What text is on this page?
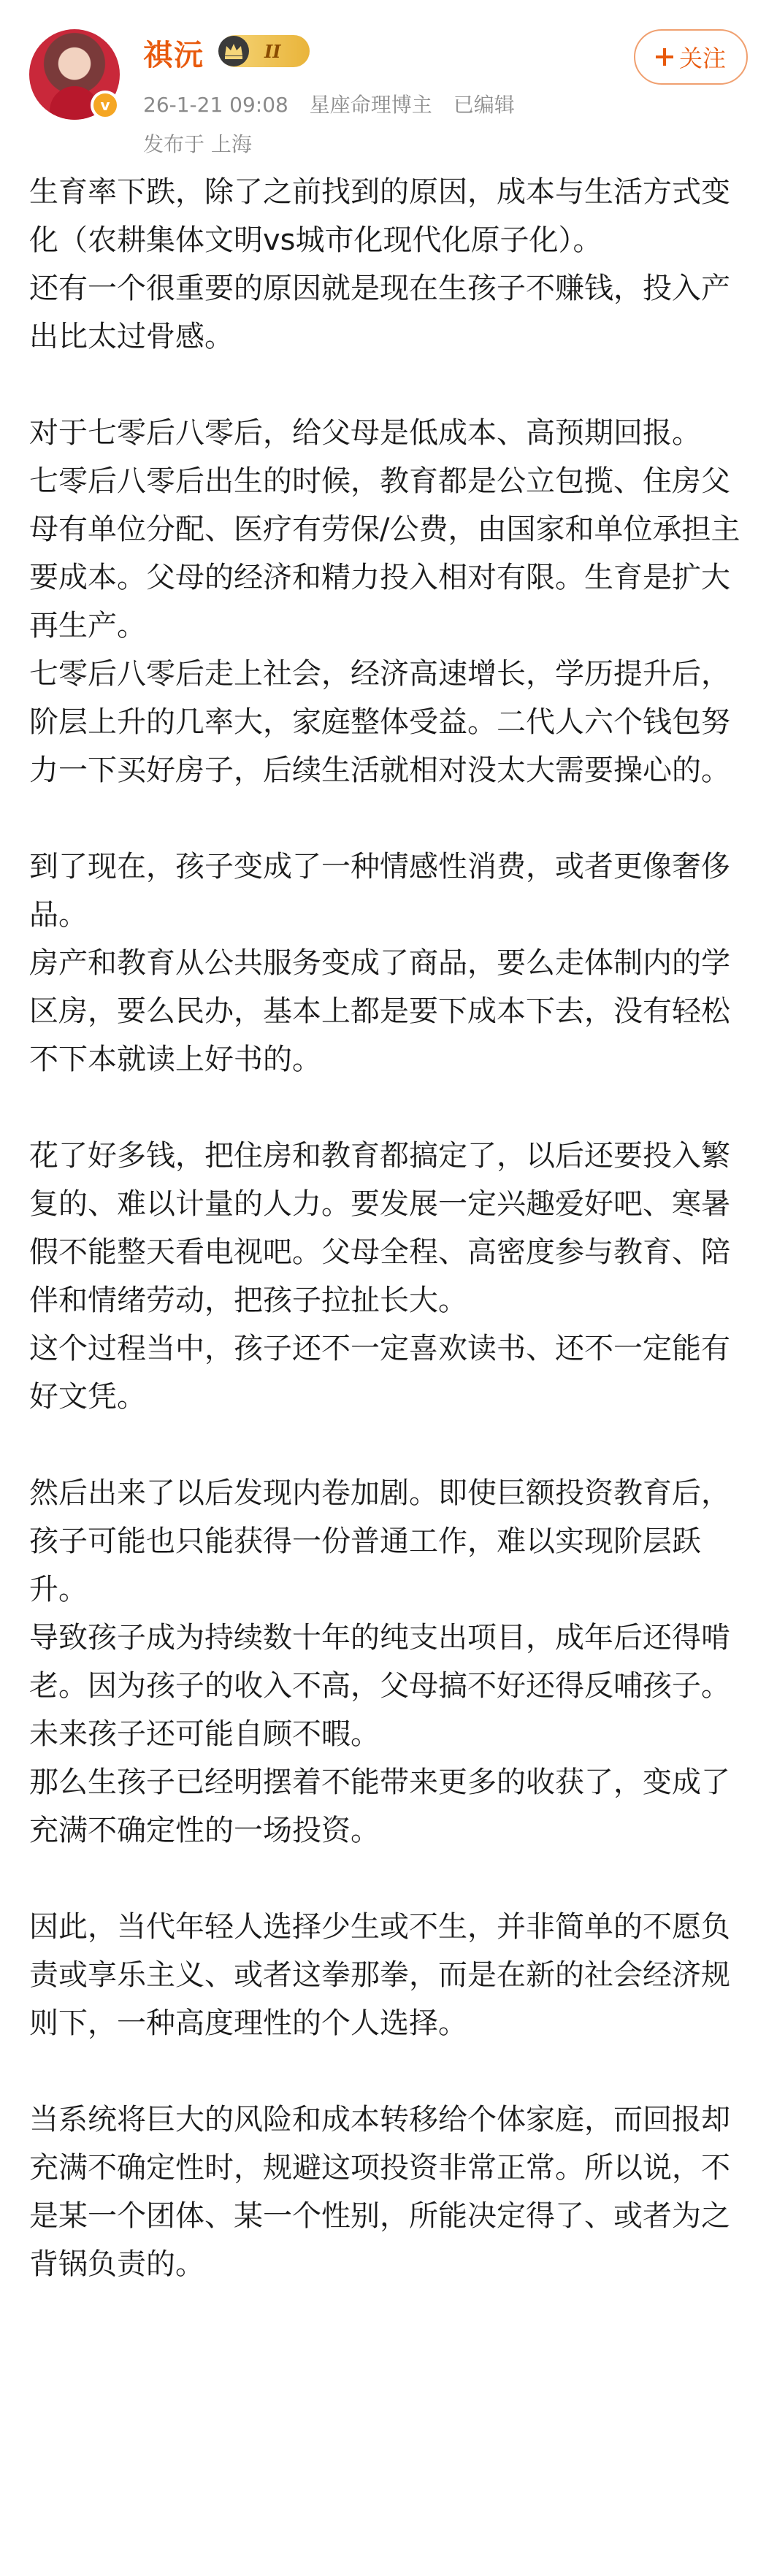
v
祺沅	II	关注
26-1-21 09:08 星座命理博主 已编辑
发布于 上海

生育率下跌，除了之前找到的原因，成本与生活方式变化（农耕集体文明vs城市化现代化原子化）。
还有一个很重要的原因就是现在生孩子不赚钱，投入产出比太过骨感。

对于七零后八零后，给父母是低成本、高预期回报。
七零后八零后出生的时候，教育都是公立包揽、住房父母有单位分配、医疗有劳保/公费，由国家和单位承担主要成本。父母的经济和精力投入相对有限。生育是扩大再生产。
七零后八零后走上社会，经济高速增长，学历提升后，阶层上升的几率大，家庭整体受益。二代人六个钱包努力一下买好房子，后续生活就相对没太大需要操心的。

到了现在，孩子变成了一种情感性消费，或者更像奢侈品。
房产和教育从公共服务变成了商品，要么走体制内的学区房，要么民办，基本上都是要下成本下去，没有轻松不下本就读上好书的。

花了好多钱，把住房和教育都搞定了，以后还要投入繁复的、难以计量的人力。要发展一定兴趣爱好吧、寒暑假不能整天看电视吧。父母全程、高密度参与教育、陪伴和情绪劳动，把孩子拉扯长大。
这个过程当中，孩子还不一定喜欢读书、还不一定能有好文凭。

然后出来了以后发现内卷加剧。即使巨额投资教育后，孩子可能也只能获得一份普通工作，难以实现阶层跃升。
导致孩子成为持续数十年的纯支出项目，成年后还得啃老。因为孩子的收入不高，父母搞不好还得反哺孩子。未来孩子还可能自顾不暇。
那么生孩子已经明摆着不能带来更多的收获了，变成了充满不确定性的一场投资。

因此，当代年轻人选择少生或不生，并非简单的不愿负责或享乐主义、或者这拳那拳，而是在新的社会经济规则下，一种高度理性的个人选择。

当系统将巨大的风险和成本转移给个体家庭，而回报却充满不确定性时，规避这项投资非常正常。所以说，不是某一个团体、某一个性别，所能决定得了、或者为之背锅负责的。
